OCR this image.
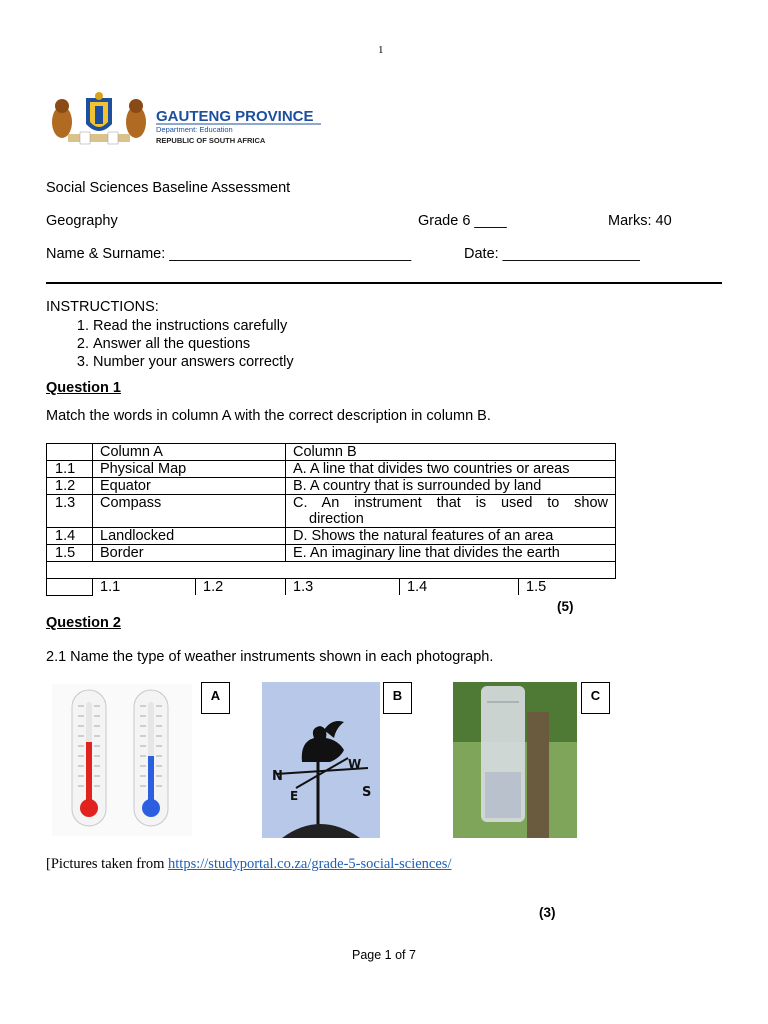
1
GAUTENG PROVINCE
Department: Education
REPUBLIC OF SOUTH AFRICA
Social Sciences Baseline Assessment
Geography	Grade 6 ____	Marks: 40
Name & Surname: ______________________________	Date: _________________
INSTRUCTIONS:
1. Read the instructions carefully
2. Answer all the questions
3. Number your answers correctly
Question 1
Match the words in column A with the correct description in column B.
	Column A	Column B
1.1	Physical Map	A. A line that divides two countries or areas
1.2	Equator	B. A country that is surrounded by land
1.3	Compass	C. An instrument that is used to show
direction

1.4	Landlocked	D. Shows the natural features of an area
1.5	Border	E. An imaginary line that divides the earth

1.1	1.2	1.3	1.4	1.5
(5)
Question 2
2.1 Name the type of weather instruments shown in each photograph.
A
N
S
E
W
B	C
[Pictures taken from https://studyportal.co.za/grade-5-social-sciences/
(3)
Page 1 of 7
